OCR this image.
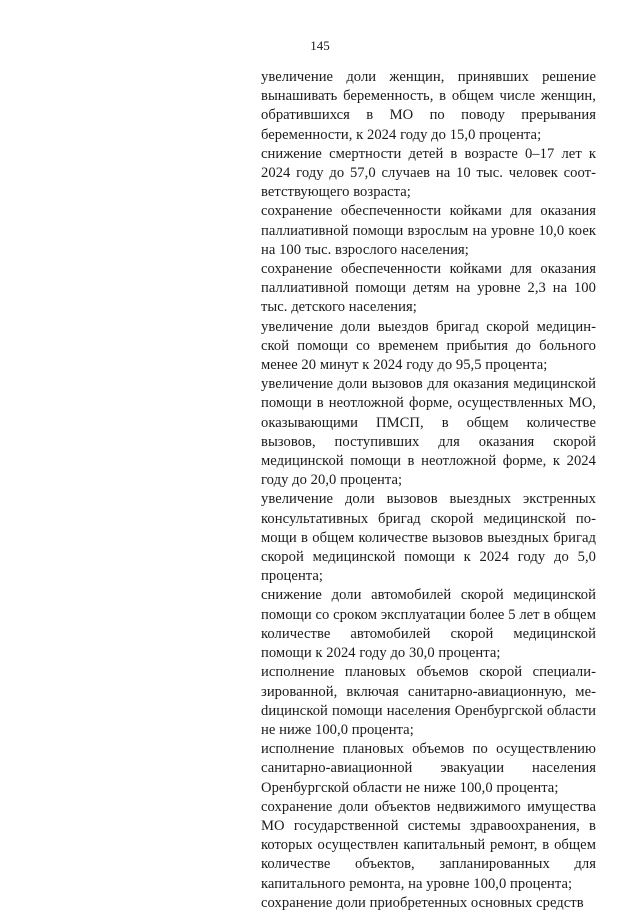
145

увеличение доли женщин, принявших решение вынашивать беременность, в общем числе женщин, обратившихся в МО по поводу прерывания беременности, к 2024 году до 15,0 процента;

снижение смертности детей в возрасте 0–17 лет к 2024 году до 57,0 случаев на 10 тыс. человек соответствующего возраста;

сохранение обеспеченности койками для оказания паллиативной помощи взрослым на уровне 10,0 коек на 100 тыс. взрослого населения;

сохранение обеспеченности койками для оказания паллиативной помощи детям на уровне 2,3 на 100 тыс. детского населения;

увеличение доли выездов бригад скорой медицинской помощи со временем прибытия до больного менее 20 минут к 2024 году до 95,5 процента;

увеличение доли вызовов для оказания медицинской помощи в неотложной форме, осуществленных МО, оказывающими ПМСП, в общем количестве вызовов, поступивших для оказания скорой медицинской помощи в неотложной форме, к 2024 году до 20,0 процента;

увеличение доли вызовов выездных экстренных консультативных бригад скорой медицинской помощи в общем количестве вызовов выездных бригад скорой медицинской помощи к 2024 году до 5,0 процента;

снижение доли автомобилей скорой медицинской помощи со сроком эксплуатации более 5 лет в общем количестве автомобилей скорой медицинской помощи к 2024 году до 30,0 процента;

исполнение плановых объемов скорой специализированной, включая санитарно-авиационную, меdицинской помощи населения Оренбургской области не ниже 100,0 процента;

исполнение плановых объемов по осуществлению санитарно-авиационной эвакуации населения Оренбургской области не ниже 100,0 процента;

сохранение доли объектов недвижимого имущества МО государственной системы здравоохранения, в которых осуществлен капитальный ремонт, в общем количестве объектов, запланированных для капитального ремонта, на уровне 100,0 процента;

сохранение доли приобретенных основных средств
